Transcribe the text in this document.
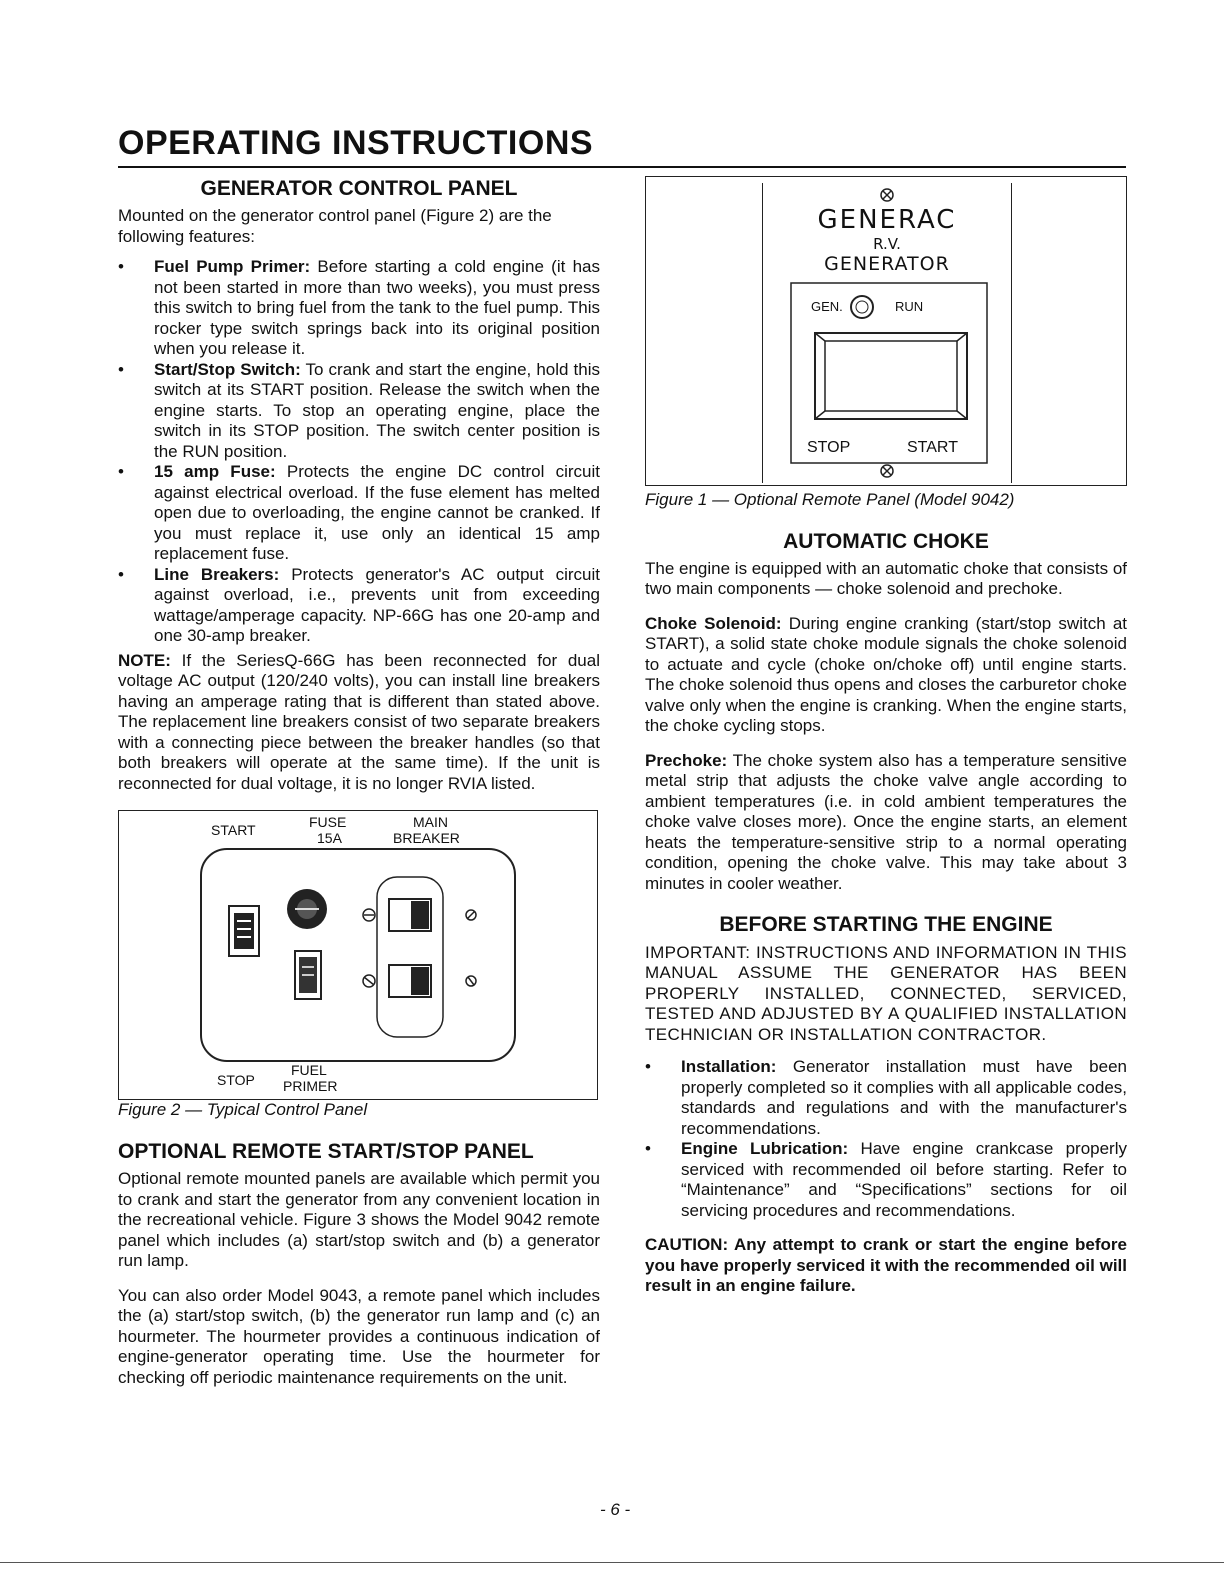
OPERATING INSTRUCTIONS
GENERATOR CONTROL PANEL

Mounted on the generator control panel (Figure 2) are the following features:

•	Fuel Pump Primer: Before starting a cold engine (it has not been started in more than two weeks), you must press this switch to bring fuel from the tank to the fuel pump. This rocker type switch springs back into its original position when you release it.
•	Start/Stop Switch: To crank and start the engine, hold this switch at its START position. Release the switch when the engine starts. To stop an operating engine, place the switch in its STOP position. The switch center position is the RUN position.
•	15 amp Fuse: Protects the engine DC control circuit against electrical overload. If the fuse element has melted open due to overloading, the engine cannot be cranked. If you must replace it, use only an identical 15 amp replacement fuse.
•	Line Breakers: Protects generator's AC output circuit against overload, i.e., prevents unit from exceeding wattage/amperage capacity. NP-66G has one 20-amp and one 30-amp breaker.

NOTE: If the SeriesQ-66G has been reconnected for dual voltage AC output (120/240 volts), you can install line breakers having an amperage rating that is different than stated above. The replacement line breakers consist of two separate breakers with a connecting piece between the breaker handles (so that both breakers will operate at the same time). If the unit is reconnected for dual voltage, it is no longer RVIA listed.

START	FUSE
15A
MAIN
BREAKER
STOP
FUEL
PRIMER

Figure 2 — Typical Control Panel

OPTIONAL REMOTE START/STOP PANEL

Optional remote mounted panels are available which permit you to crank and start the generator from any convenient location in the recreational vehicle. Figure 3 shows the Model 9042 remote panel which includes (a) start/stop switch and (b) a generator run lamp.

You can also order Model 9043, a remote panel which includes the (a) start/stop switch, (b) the generator run lamp and (c) an hourmeter. The hourmeter provides a continuous indication of engine-generator operating time. Use the hourmeter for checking off periodic maintenance requirements on the unit.

GENERAC
R.V.
GENERATOR
GEN.	RUN
STOP	START

Figure 1 — Optional Remote Panel (Model 9042)

AUTOMATIC CHOKE

The engine is equipped with an automatic choke that consists of two main components — choke solenoid and prechoke.

Choke Solenoid: During engine cranking (start/stop switch at START), a solid state choke module signals the choke solenoid to actuate and cycle (choke on/choke off) until engine starts. The choke solenoid thus opens and closes the carburetor choke valve only when the engine is cranking. When the engine starts, the choke cycling stops.

Prechoke: The choke system also has a temperature sensitive metal strip that adjusts the choke valve angle according to ambient temperatures (i.e. in cold ambient temperatures the choke valve closes more). Once the engine starts, an element heats the temperature-sensitive strip to a normal operating condition, opening the choke valve. This may take about 3 minutes in cooler weather.

BEFORE STARTING THE ENGINE

IMPORTANT: INSTRUCTIONS AND INFORMATION IN THIS MANUAL ASSUME THE GENERATOR HAS BEEN PROPERLY INSTALLED, CONNECTED, SERVICED, TESTED AND ADJUSTED BY A QUALIFIED INSTALLATION TECHNICIAN OR INSTALLATION CONTRACTOR.

•	Installation: Generator installation must have been properly completed so it complies with all applicable codes, standards and regulations and with the manufacturer's recommendations.
•	Engine Lubrication: Have engine crankcase properly serviced with recommended oil before starting. Refer to “Maintenance” and “Specifications” sections for oil servicing procedures and recommendations.

CAUTION: Any attempt to crank or start the engine before you have properly serviced it with the recommended oil will result in an engine failure.

- 6 -
